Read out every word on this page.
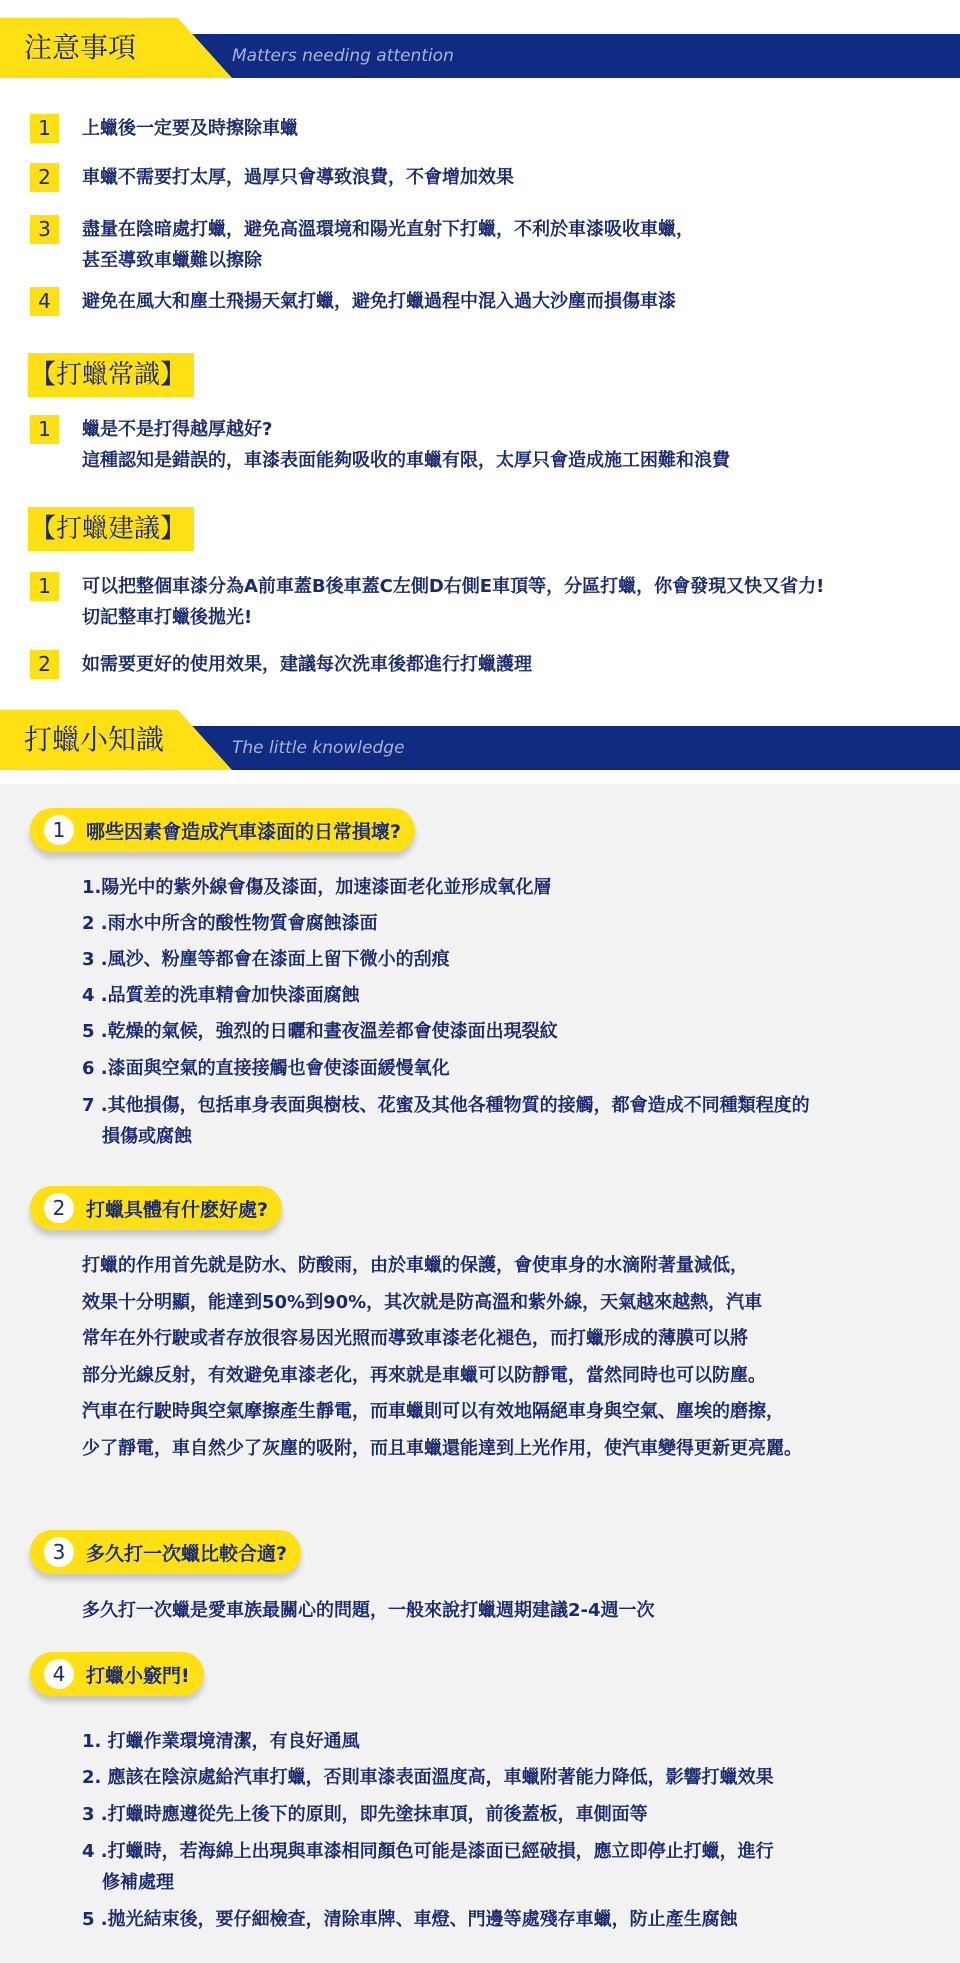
注意事項	Matters needing attention
1	上蠟後一定要及時擦除車蠟
2	車蠟不需要打太厚，過厚只會導致浪費，不會增加效果
3	盡量在陰暗處打蠟，避免高溫環境和陽光直射下打蠟，不利於車漆吸收車蠟，
甚至導致車蠟難以擦除
4	避免在風大和塵土飛揚天氣打蠟，避免打蠟過程中混入過大沙塵而損傷車漆
【打蠟常識】
1	蠟是不是打得越厚越好?
這種認知是錯誤的，車漆表面能夠吸收的車蠟有限，太厚只會造成施工困難和浪費
【打蠟建議】
1	可以把整個車漆分為A前車蓋B後車蓋C左側D右側E車頂等，分區打蠟，你會發現又快又省力!
切記整車打蠟後拋光!
2	如需要更好的使用效果，建議每次洗車後都進行打蠟護理
打蠟小知識	The little knowledge
1	哪些因素會造成汽車漆面的日常損壞?
1.陽光中的紫外線會傷及漆面，加速漆面老化並形成氧化層
2 .雨水中所含的酸性物質會腐蝕漆面
3 .風沙、粉塵等都會在漆面上留下微小的刮痕
4 .品質差的洗車精會加快漆面腐蝕
5 .乾燥的氣候，強烈的日曬和晝夜溫差都會使漆面出現裂紋
6 .漆面與空氣的直接接觸也會使漆面緩慢氧化
7 .其他損傷，包括車身表面與樹枝、花蜜及其他各種物質的接觸，都會造成不同種類程度的
損傷或腐蝕
2	打蠟具體有什麽好處?
打蠟的作用首先就是防水、防酸雨，由於車蠟的保護，會使車身的水滴附著量減低，
效果十分明顯，能達到50%到90%，其次就是防高溫和紫外線，天氣越來越熱，汽車
常年在外行駛或者存放很容易因光照而導致車漆老化褪色，而打蠟形成的薄膜可以將
部分光線反射，有效避免車漆老化，再來就是車蠟可以防靜電，當然同時也可以防塵。
汽車在行駛時與空氣摩擦產生靜電，而車蠟則可以有效地隔絕車身與空氣、塵埃的磨擦，
少了靜電，車自然少了灰塵的吸附，而且車蠟還能達到上光作用，使汽車變得更新更亮麗。
3	多久打一次蠟比較合適?
多久打一次蠟是愛車族最關心的問題，一般來說打蠟週期建議2-4週一次
4	打蠟小竅門!
1. 打蠟作業環境清潔，有良好通風
2. 應該在陰涼處給汽車打蠟，否則車漆表面溫度高，車蠟附著能力降低，影響打蠟效果
3 .打蠟時應遵從先上後下的原則，即先塗抹車頂，前後蓋板，車側面等
4 .打蠟時，若海綿上出現與車漆相同顏色可能是漆面已經破損，應立即停止打蠟，進行
修補處理
5 .拋光結束後，要仔細檢查，清除車牌、車燈、門邊等處殘存車蠟，防止產生腐蝕
